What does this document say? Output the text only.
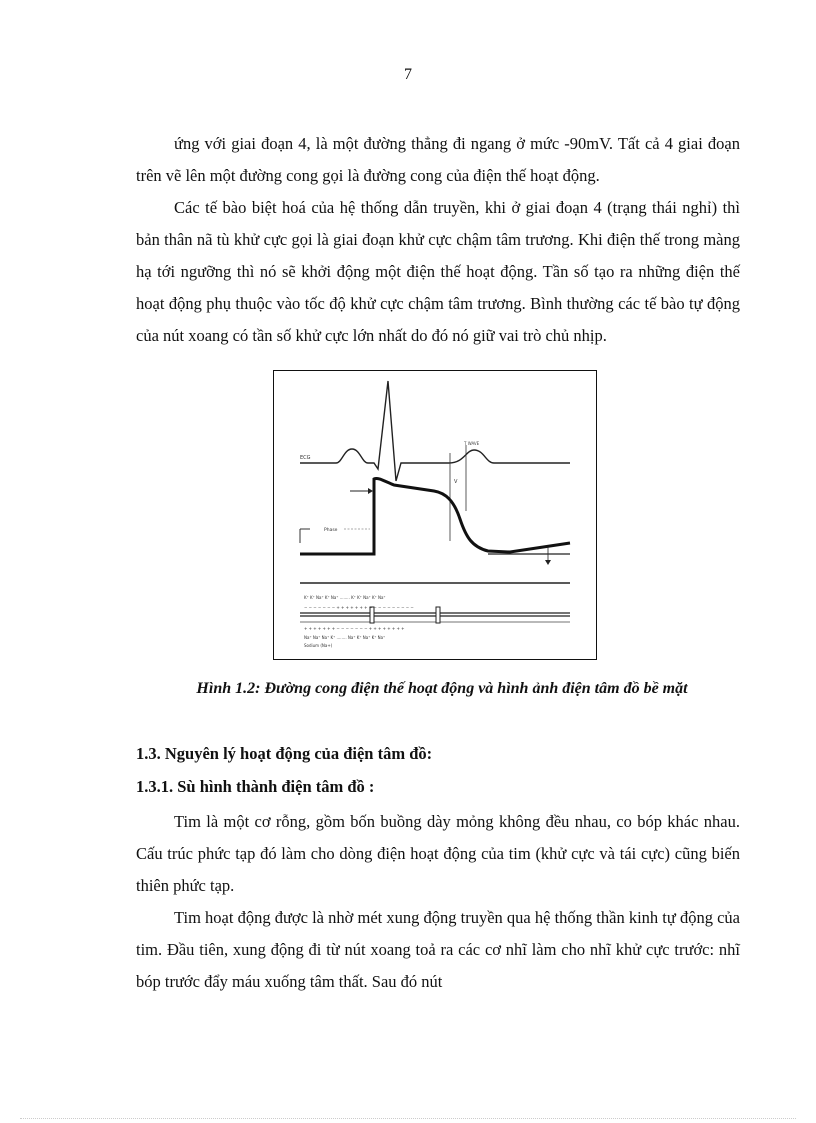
7

ứng với giai đoạn 4, là một đường thẳng đi ngang ở mức -90mV. Tất cả 4 giai đoạn trên vẽ lên một đường cong gọi là đường cong của điện thế hoạt động.

Các tế bào biệt hoá của hệ thống dẫn truyền, khi ở giai đoạn 4 (trạng thái nghỉ) thì bản thân nã tù khử cực gọi là giai đoạn khử cực chậm tâm trương. Khi điện thế trong màng hạ tới ngưỡng thì nó sẽ khởi động một điện thế hoạt động. Tần số tạo ra những điện thế hoạt động phụ thuộc vào tốc độ khử cực chậm tâm trương. Bình thường các tế bào tự động của nút xoang có tần số khử cực lớn nhất do đó nó giữ vai trò chủ nhịp.

ECG
T WAVE
V
Phase
K⁺ K⁺ Na⁺ K⁺ Na⁺ ........ K⁺ K⁺ Na⁺ K⁺ Na⁺
− − − − − − − + + + + + + + − − − − − − − − − −
+ + + + + + + − − − − − − − + + + + + + + +
Na⁺ Na⁺ Na⁺ K⁺ ........ Na⁺ K⁺ Na⁺ K⁺ Na⁺
Sodium (Na+)
Hình 1.2: Đường cong điện thế hoạt động và hình ảnh điện tâm đồ bề mặt
1.3. Nguyên lý hoạt động của điện tâm đồ:
1.3.1. Sù hình thành điện tâm đồ :

Tim là một cơ rỗng, gồm bốn buồng dày mỏng không đều nhau, co bóp khác nhau. Cấu trúc phức tạp đó làm cho dòng điện hoạt động của tim (khử cực và tái cực) cũng biến thiên phức tạp.

Tim hoạt động được là nhờ mét xung động truyền qua hệ thống thần kinh tự động của tim. Đầu tiên, xung động đi từ nút xoang toả ra các cơ nhĩ làm cho nhĩ khử cực trước: nhĩ bóp trước đẩy máu xuống tâm thất. Sau đó nút
